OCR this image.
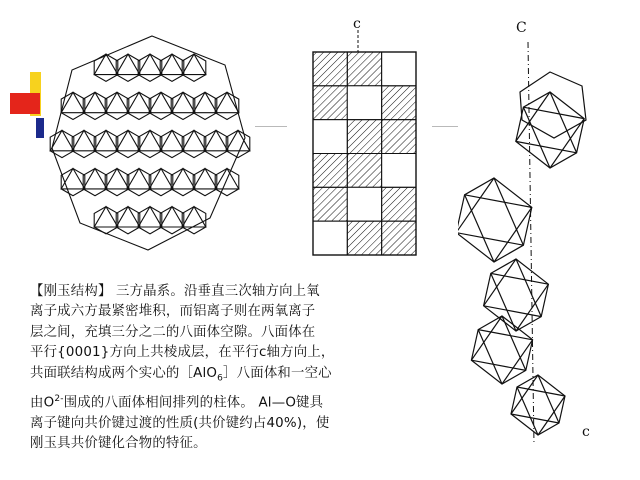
c	C
c
【刚玉结构】 三方晶系。沿垂直三次轴方向上氧
离子成六方最紧密堆积，而铝离子则在两氧离子
层之间，充填三分之二的八面体空隙。八面体在
平行{0001}方向上共棱成层，在平行c轴方向上，
共面联结构成两个实心的［AlO$_6$］八面体和一空心
由$O^{2-}$围成的八面体相间排列的柱体。 Al—O键具
离子键向共价键过渡的性质(共价键约占40%)，使
刚玉具共价键化合物的特征。
